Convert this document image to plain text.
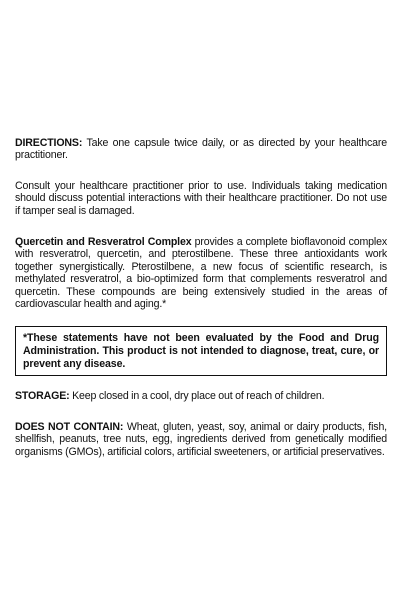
DIRECTIONS: Take one capsule twice daily, or as directed by your healthcare practitioner.

Consult your healthcare practitioner prior to use. Individuals taking medication should discuss potential interactions with their healthcare practitioner. Do not use if tamper seal is damaged.

Quercetin and Resveratrol Complex provides a complete bioflavonoid complex with resveratrol, quercetin, and pterostilbene. These three antioxidants work together synergistically. Pterostilbene, a new focus of scientific research, is methylated resveratrol, a bio-optimized form that complements resveratrol and quercetin. These compounds are being extensively studied in the areas of cardiovascular health and aging.*

*These statements have not been evaluated by the Food and Drug Administration. This product is not intended to diagnose, treat, cure, or prevent any disease.

STORAGE: Keep closed in a cool, dry place out of reach of children.

DOES NOT CONTAIN: Wheat, gluten, yeast, soy, animal or dairy products, fish, shellfish, peanuts, tree nuts, egg, ingredients derived from genetically modified organisms (GMOs), artificial colors, artificial sweeteners, or artificial preservatives.
